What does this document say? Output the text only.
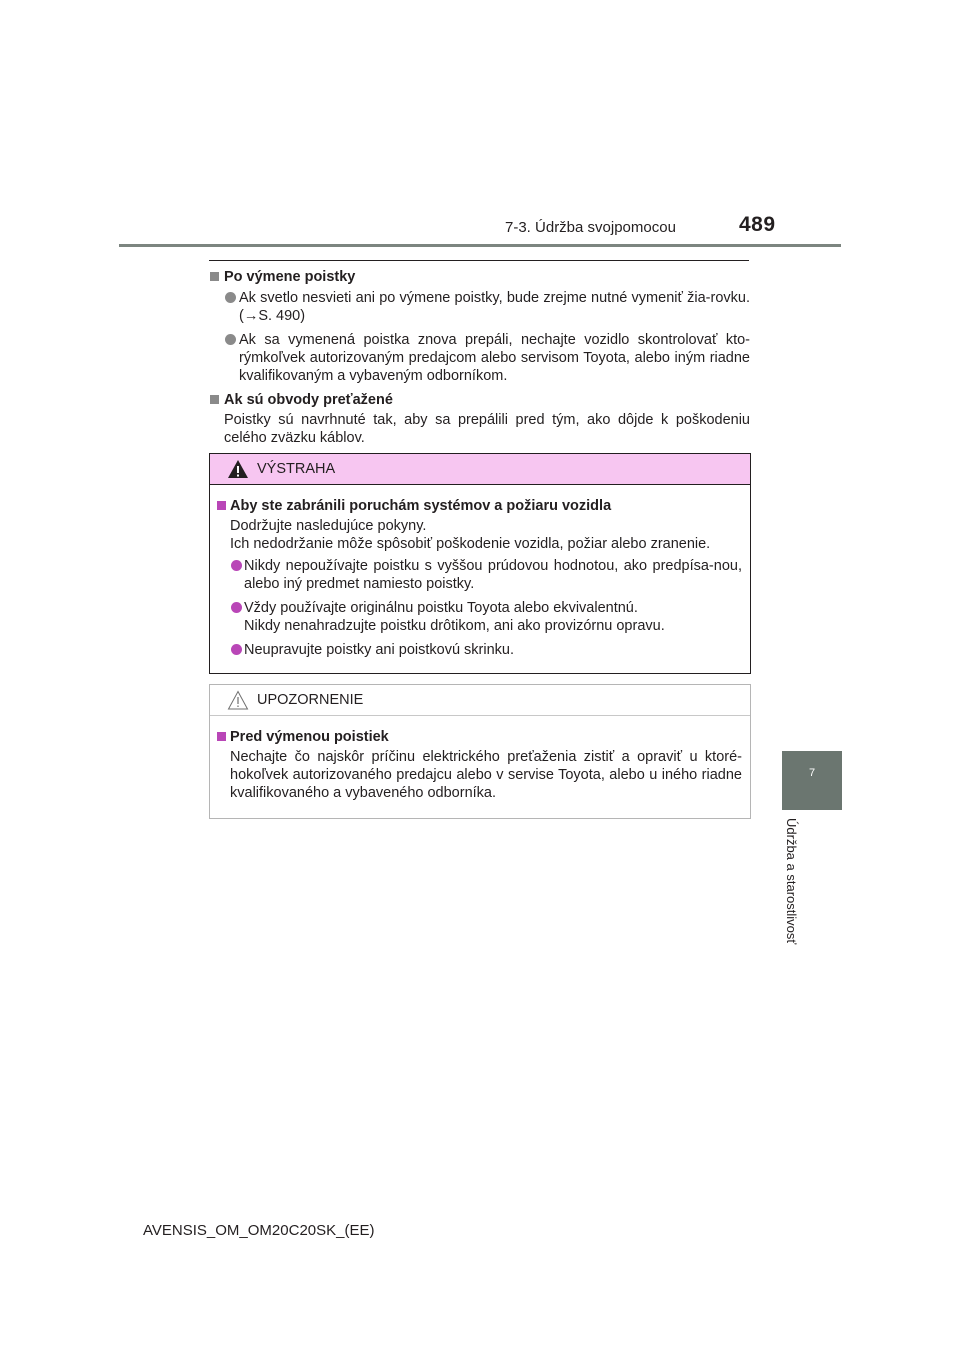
7-3. Údržba svojpomocou	489
7
Údržba a starostlivosť
Po výmene poistky
Ak svetlo nesvieti ani po výmene poistky, bude zrejme nutné vymeniť žia-rovku. (→S. 490)
Ak sa vymenená poistka znova prepáli, nechajte vozidlo skontrolovať kto-rýmkoľvek autorizovaným predajcom alebo servisom Toyota, alebo iným riadne kvalifikovaným a vybaveným odborníkom.
Ak sú obvody preťažené
Poistky sú navrhnuté tak, aby sa prepálili pred tým, ako dôjde k poškodeniu celého zväzku káblov.
VÝSTRAHA
Aby ste zabránili poruchám systémov a požiaru vozidla
Dodržujte nasledujúce pokyny.
Ich nedodržanie môže spôsobiť poškodenie vozidla, požiar alebo zranenie.
Nikdy nepoužívajte poistku s vyššou prúdovou hodnotou, ako predpísa-nou, alebo iný predmet namiesto poistky.
Vždy používajte originálnu poistku Toyota alebo ekvivalentnú.
Nikdy nenahradzujte poistku drôtikom, ani ako provizórnu opravu.
Neupravujte poistky ani poistkovú skrinku.
UPOZORNENIE
Pred výmenou poistiek
Nechajte čo najskôr príčinu elektrického preťaženia zistiť a opraviť u ktoré-hokoľvek autorizovaného predajcu alebo v servise Toyota, alebo u iného riadne kvalifikovaného a vybaveného odborníka.
AVENSIS_OM_OM20C20SK_(EE)
